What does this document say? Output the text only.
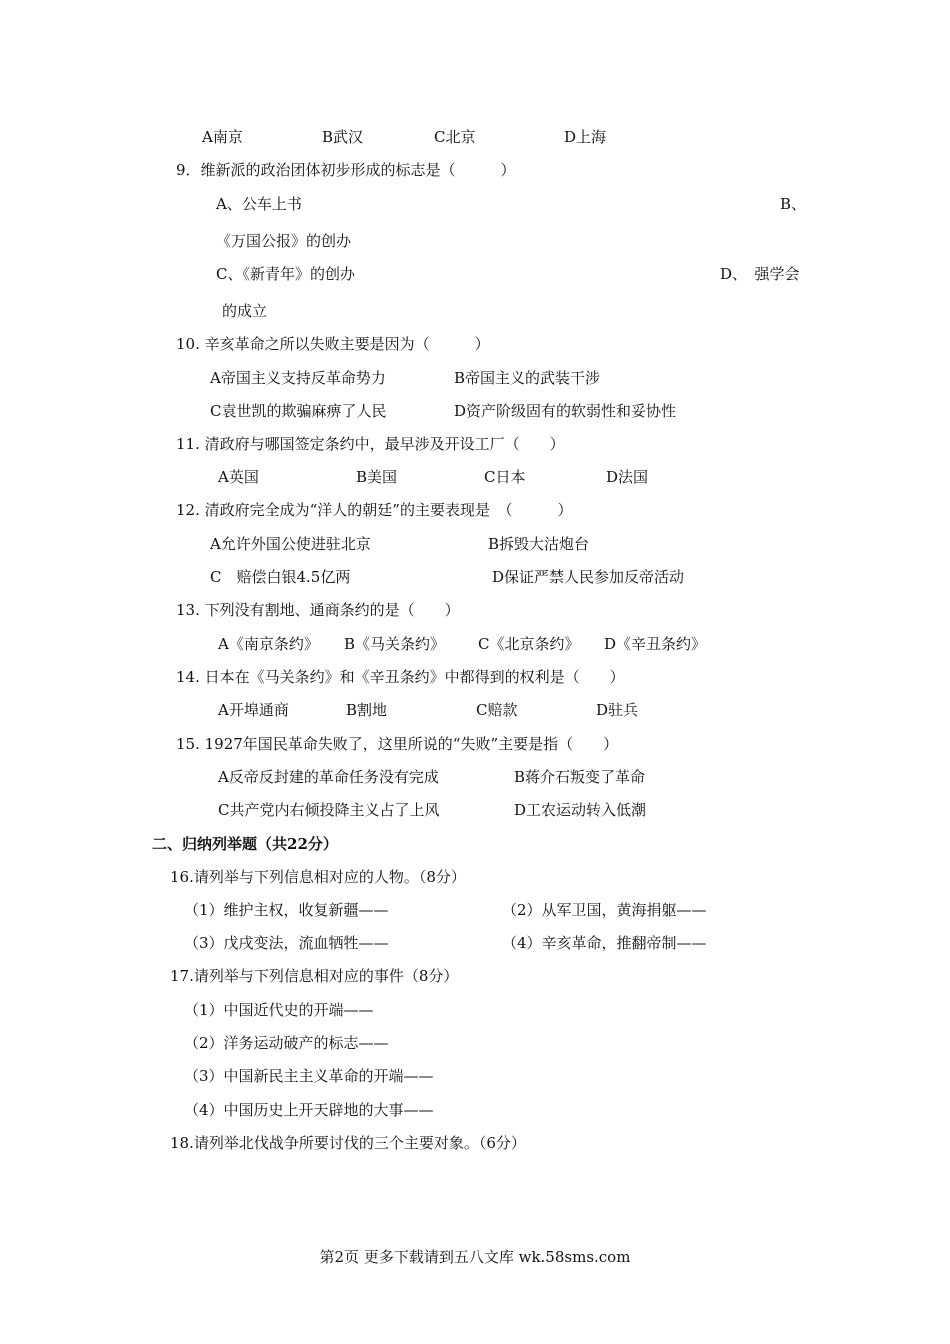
A南京	B武汉	C北京	D上海
9．维新派的政治团体初步形成的标志是（　　　）
A、公车上书	B、
《万国公报》的创办
C、《新青年》的创办	D、　强学会
的成立
10. 辛亥革命之所以失败主要是因为（　　　）
A帝国主义支持反革命势力	B帝国主义的武装干涉
C袁世凯的欺骗麻痹了人民	D资产阶级固有的软弱性和妥协性
11. 清政府与哪国签定条约中，最早涉及开设工厂（　　）
A英国	B美国	C日本	D法国
12. 清政府完全成为“洋人的朝廷”的主要表现是　（　　　）
A允许外国公使进驻北京	B拆毁大沽炮台
C　赔偿白银4.5亿两	D保证严禁人民参加反帝活动
13. 下列没有割地、通商条约的是（　　）
A《南京条约》 B《马关条约》 C《北京条约》 D《辛丑条约》
14. 日本在《马关条约》和《辛丑条约》中都得到的权利是（　　）
A开埠通商	B割地	C赔款	D驻兵
15. 1927年国民革命失败了，这里所说的“失败”主要是指（　　）
A反帝反封建的革命任务没有完成	B蒋介石叛变了革命
C共产党内右倾投降主义占了上风	D工农运动转入低潮
二、归纳列举题（共22分）
16.请列举与下列信息相对应的人物。（8分）
（1）维护主权，收复新疆——	（2）从军卫国，黄海捐躯——
（3）戊戌变法，流血牺牲——	（4）辛亥革命，推翻帝制——
17.请列举与下列信息相对应的事件（8分）
（1）中国近代史的开端——
（2）洋务运动破产的标志——
（3）中国新民主主义革命的开端——
（4）中国历史上开天辟地的大事——
18.请列举北伐战争所要讨伐的三个主要对象。（6分）
第2页 更多下载请到五八文库 wk.58sms.com
